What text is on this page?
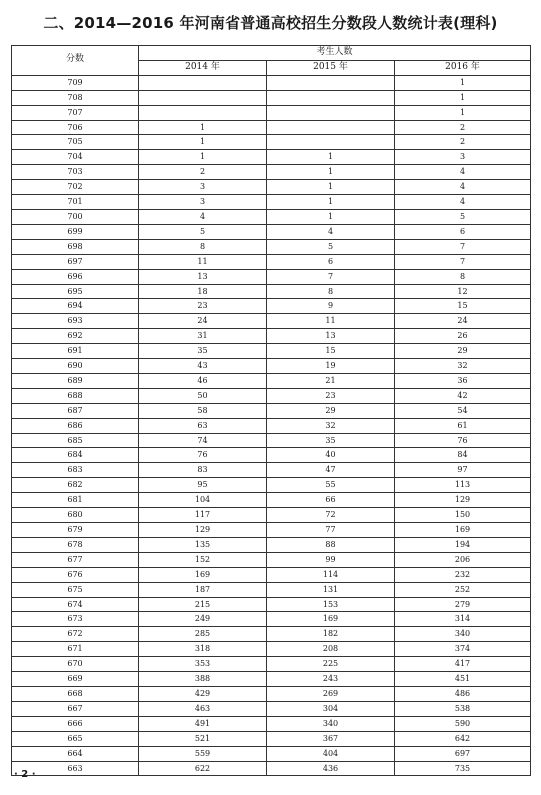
二、2014—2016 年河南省普通高校招生分数段人数统计表(理科)
分数	考生人数		
	2014 年	2015 年	2016 年
709			1
708			1
707			1
706	1		2
705	1		2
704	1	1	3
703	2	1	4
702	3	1	4
701	3	1	4
700	4	1	5
699	5	4	6
698	8	5	7
697	11	6	7
696	13	7	8
695	18	8	12
694	23	9	15
693	24	11	24
692	31	13	26
691	35	15	29
690	43	19	32
689	46	21	36
688	50	23	42
687	58	29	54
686	63	32	61
685	74	35	76
684	76	40	84
683	83	47	97
682	95	55	113
681	104	66	129
680	117	72	150
679	129	77	169
678	135	88	194
677	152	99	206
676	169	114	232
675	187	131	252
674	215	153	279
673	249	169	314
672	285	182	340
671	318	208	374
670	353	225	417
669	388	243	451
668	429	269	486
667	463	304	538
666	491	340	590
665	521	367	642
664	559	404	697
663	622	436	735
· 2 ·
